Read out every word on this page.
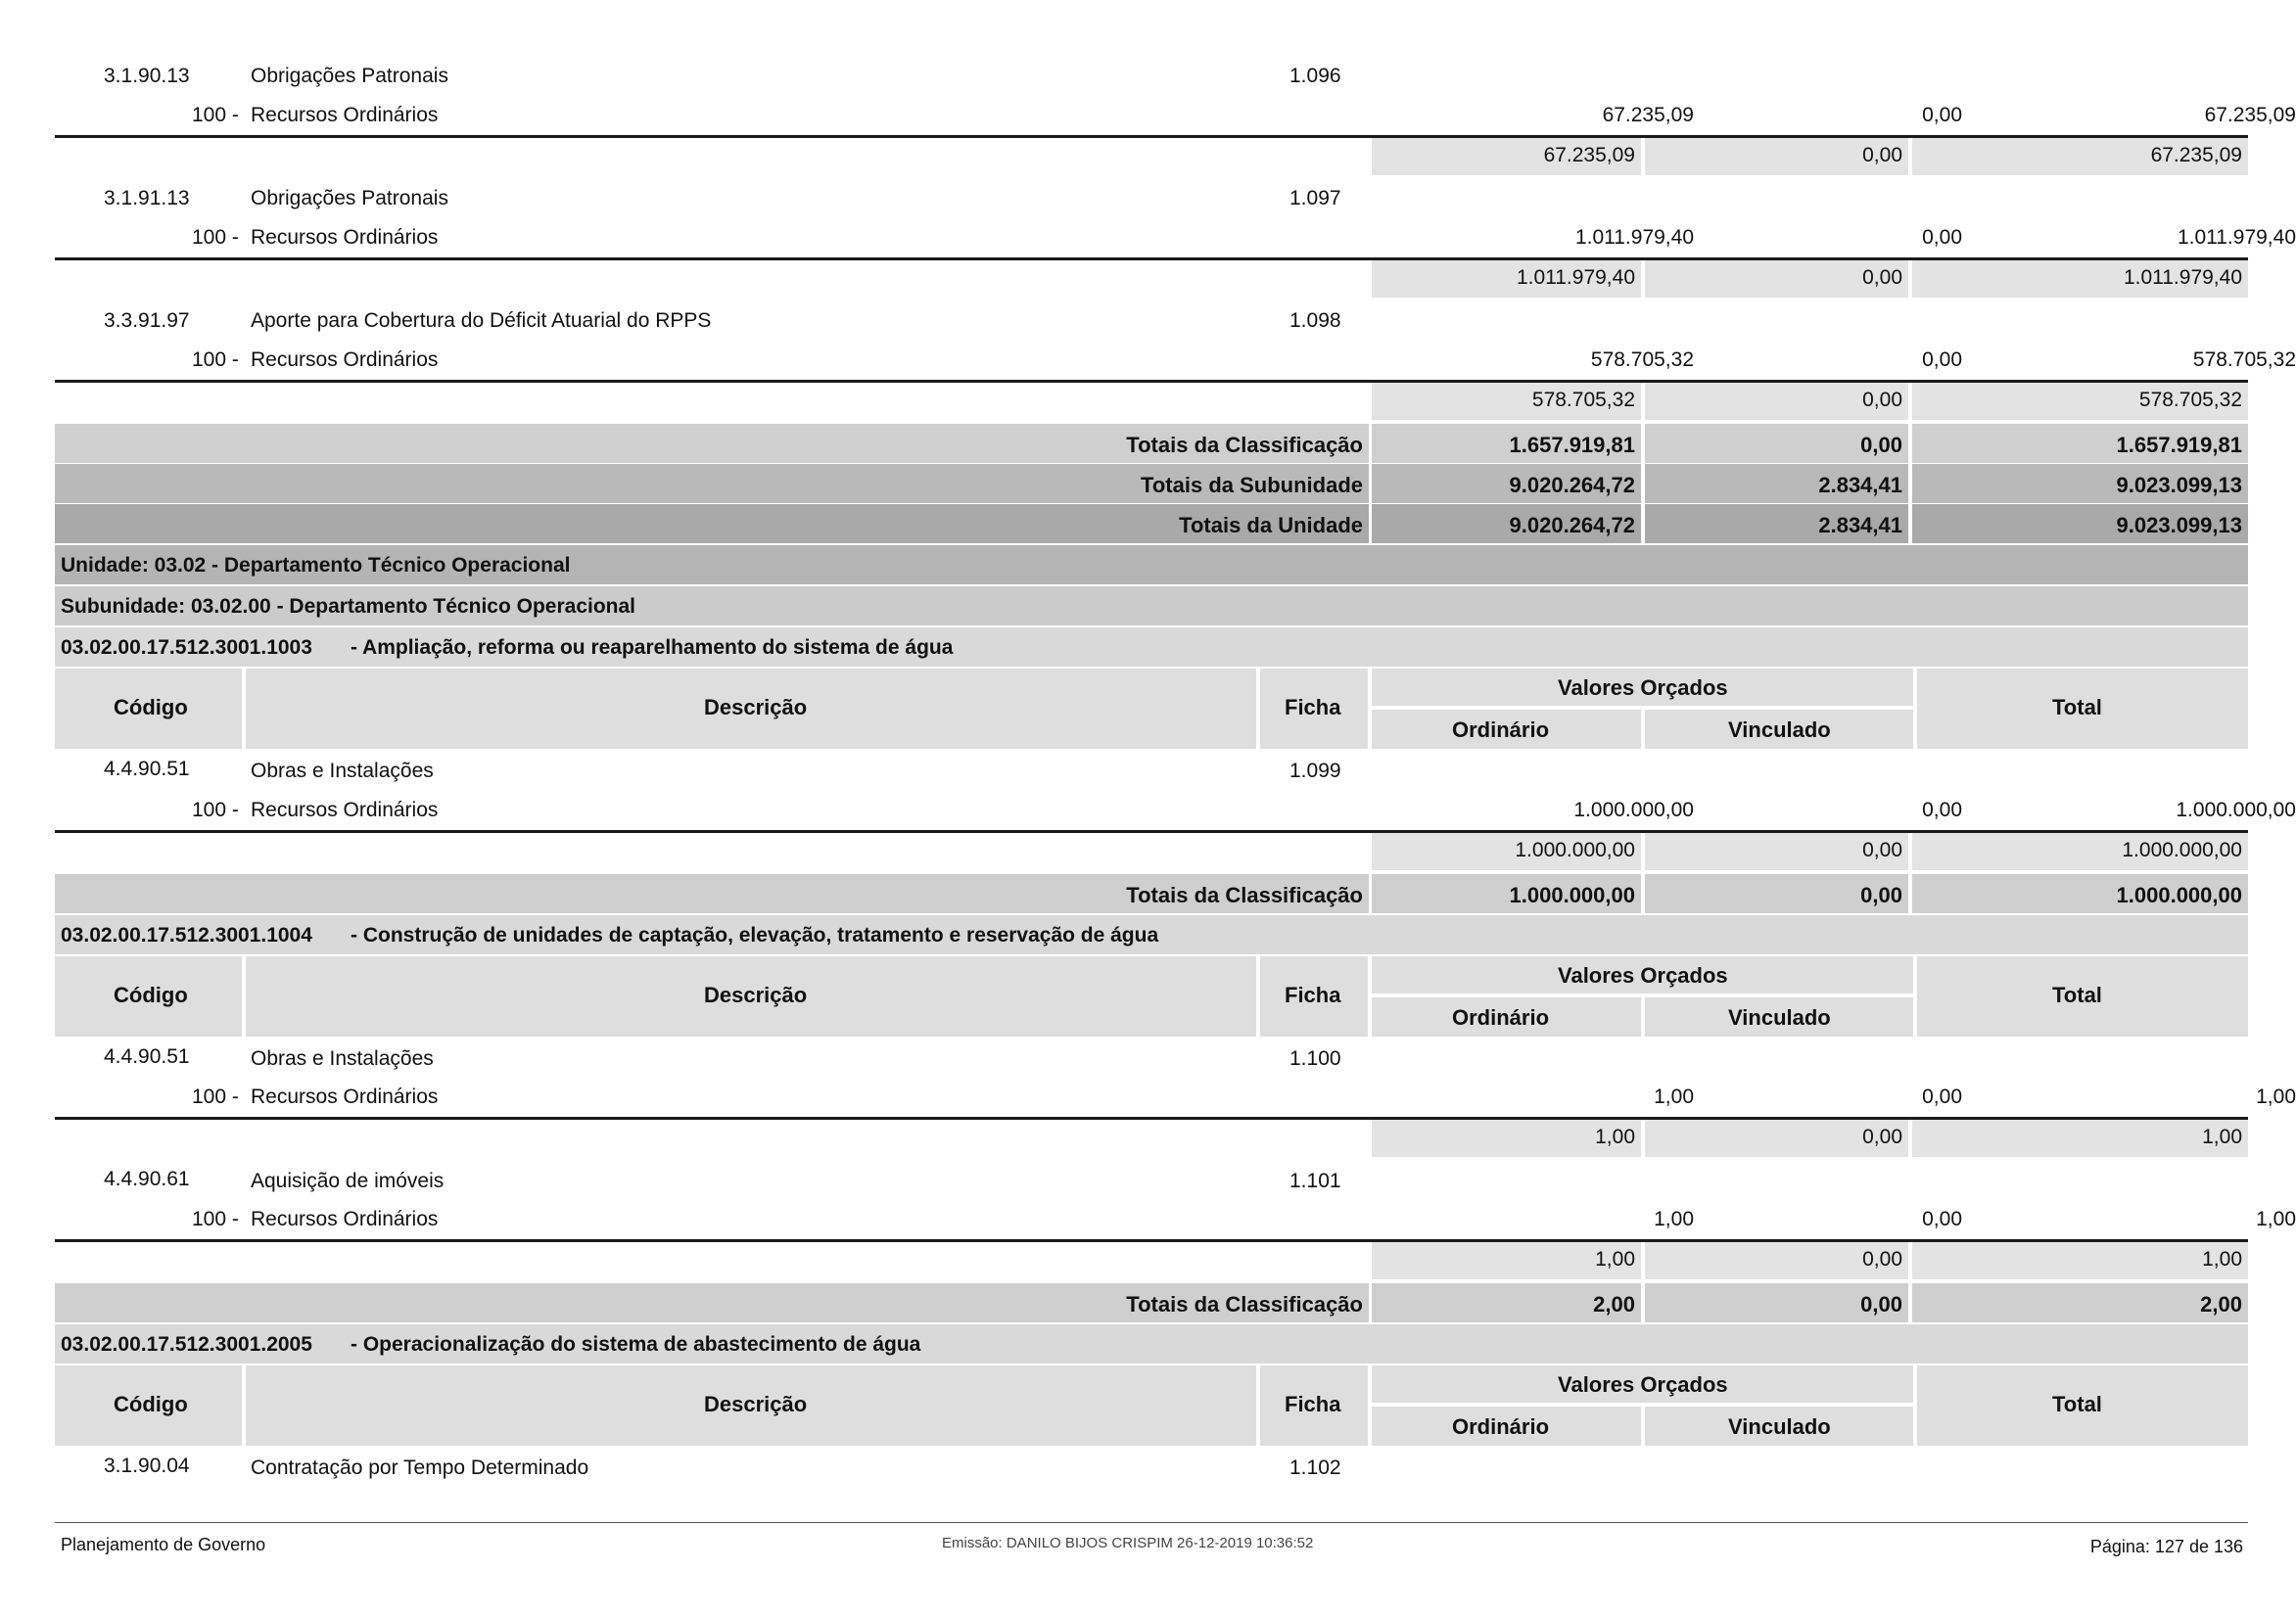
3.1.90.13	Obrigações Patronais	1.096
100 - Recursos Ordinários	67.235,09	0,00	67.235,09
67.235,09	0,00	67.235,09
3.1.91.13	Obrigações Patronais	1.097
100 - Recursos Ordinários	1.011.979,40	0,00	1.011.979,40
1.011.979,40	0,00	1.011.979,40
3.3.91.97	Aporte para Cobertura do Déficit Atuarial do RPPS	1.098
100 - Recursos Ordinários	578.705,32	0,00	578.705,32
578.705,32	0,00	578.705,32
Totais da Classificação	1.657.919,81	0,00	1.657.919,81
Totais da Subunidade	9.020.264,72	2.834,41	9.023.099,13
Totais da Unidade	9.020.264,72	2.834,41	9.023.099,13
Unidade: 03.02 - Departamento Técnico Operacional
Subunidade: 03.02.00 - Departamento Técnico Operacional
03.02.00.17.512.3001.1003 - Ampliação, reforma ou reaparelhamento do sistema de água
Código	Descrição	Ficha
Valores Orçados
Ordinário	Vinculado
Total
4.4.90.51	Obras e Instalações	1.099
100 - Recursos Ordinários	1.000.000,00	0,00	1.000.000,00
1.000.000,00	0,00	1.000.000,00
Totais da Classificação	1.000.000,00	0,00	1.000.000,00
03.02.00.17.512.3001.1004 - Construção de unidades de captação, elevação, tratamento e reservação de água
Código	Descrição	Ficha
Valores Orçados
Ordinário	Vinculado
Total
4.4.90.51	Obras e Instalações	1.100
100 - Recursos Ordinários	1,00	0,00	1,00
1,00	0,00	1,00
4.4.90.61	Aquisição de imóveis	1.101
100 - Recursos Ordinários	1,00	0,00	1,00
1,00	0,00	1,00
Totais da Classificação	2,00	0,00	2,00
03.02.00.17.512.3001.2005 - Operacionalização do sistema de abastecimento de água
Código	Descrição	Ficha
Valores Orçados
Ordinário	Vinculado
Total
3.1.90.04	Contratação por Tempo Determinado	1.102
Planejamento de Governo	Emissão: DANILO BIJOS CRISPIM 26-12-2019 10:36:52	Página: 127 de 136
